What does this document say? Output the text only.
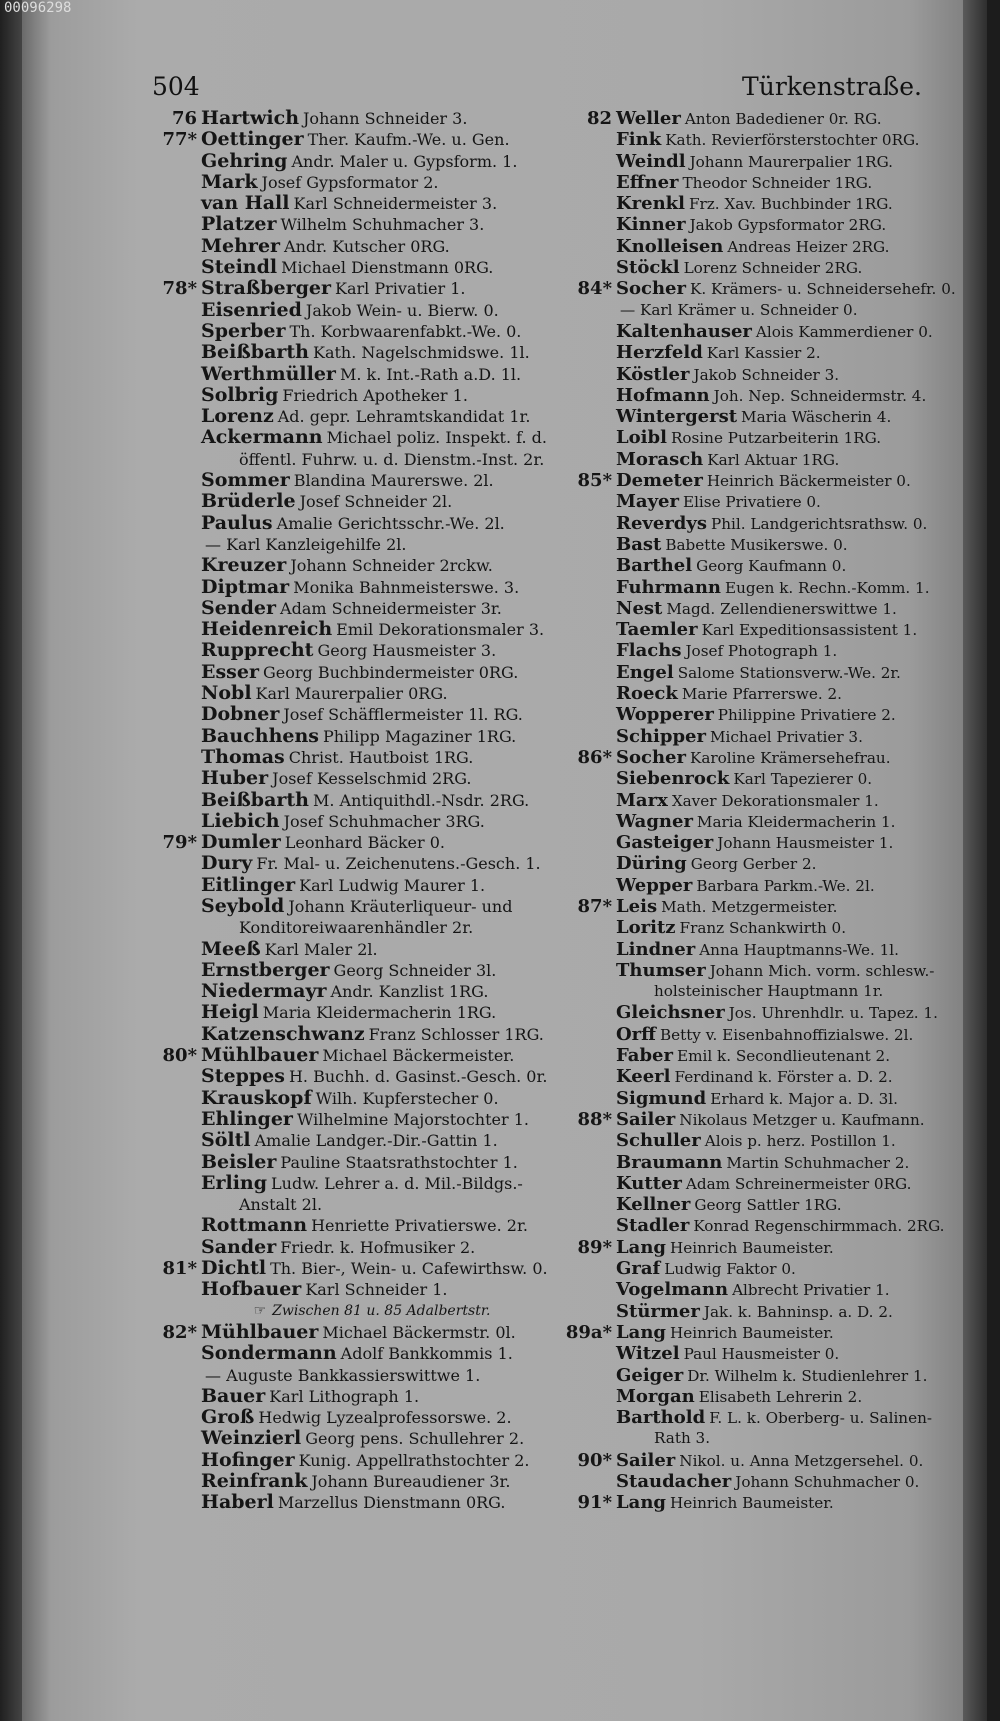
504	Türkenstraße.
76 Hartwich Johann Schneider 3.
77* Oettinger Ther. Kaufm.-We. u. Gen.
Gehring Andr. Maler u. Gypsform. 1.
Mark Josef Gypsformator 2.
van Hall Karl Schneidermeister 3.
Platzer Wilhelm Schuhmacher 3.
Mehrer Andr. Kutscher 0RG.
Steindl Michael Dienstmann 0RG.
78* Straßberger Karl Privatier 1.
Eisenried Jakob Wein- u. Bierw. 0.
Sperber Th. Korbwaarenfabkt.-We. 0.
Beißbarth Kath. Nagelschmidswe. 1l.
Werthmüller M. k. Int.-Rath a.D. 1l.
Solbrig Friedrich Apotheker 1.
Lorenz Ad. gepr. Lehramtskandidat 1r.
Ackermann Michael poliz. Inspekt. f. d.
öffentl. Fuhrw. u. d. Dienstm.-Inst. 2r.
Sommer Blandina Maurerswe. 2l.
Brüderle Josef Schneider 2l.
Paulus Amalie Gerichtsschr.-We. 2l.
— Karl Kanzleigehilfe 2l.
Kreuzer Johann Schneider 2rckw.
Diptmar Monika Bahnmeisterswe. 3.
Sender Adam Schneidermeister 3r.
Heidenreich Emil Dekorationsmaler 3.
Rupprecht Georg Hausmeister 3.
Esser Georg Buchbindermeister 0RG.
Nobl Karl Maurerpalier 0RG.
Dobner Josef Schäfflermeister 1l. RG.
Bauchhens Philipp Magaziner 1RG.
Thomas Christ. Hautboist 1RG.
Huber Josef Kesselschmid 2RG.
Beißbarth M. Antiquithdl.-Nsdr. 2RG.
Liebich Josef Schuhmacher 3RG.
79* Dumler Leonhard Bäcker 0.
Dury Fr. Mal- u. Zeichenutens.-Gesch. 1.
Eitlinger Karl Ludwig Maurer 1.
Seybold Johann Kräuterliqueur- und
Konditoreiwaarenhändler 2r.
Meeß Karl Maler 2l.
Ernstberger Georg Schneider 3l.
Niedermayr Andr. Kanzlist 1RG.
Heigl Maria Kleidermacherin 1RG.
Katzenschwanz Franz Schlosser 1RG.
80* Mühlbauer Michael Bäckermeister.
Steppes H. Buchh. d. Gasinst.-Gesch. 0r.
Krauskopf Wilh. Kupferstecher 0.
Ehlinger Wilhelmine Majorstochter 1.
Söltl Amalie Landger.-Dir.-Gattin 1.
Beisler Pauline Staatsrathstochter 1.
Erling Ludw. Lehrer a. d. Mil.-Bildgs.-
Anstalt 2l.
Rottmann Henriette Privatierswe. 2r.
Sander Friedr. k. Hofmusiker 2.
81* Dichtl Th. Bier-, Wein- u. Cafewirthsw. 0.
Hofbauer Karl Schneider 1.
☞ Zwischen 81 u. 85 Adalbertstr.
82* Mühlbauer Michael Bäckermstr. 0l.
Sondermann Adolf Bankkommis 1.
— Auguste Bankkassierswittwe 1.
Bauer Karl Lithograph 1.
Groß Hedwig Lyzealprofessorswe. 2.
Weinzierl Georg pens. Schullehrer 2.
Hofinger Kunig. Appellrathstochter 2.
Reinfrank Johann Bureaudiener 3r.
Haberl Marzellus Dienstmann 0RG.
82 Weller Anton Badediener 0r. RG.
Fink Kath. Revierförsterstochter 0RG.
Weindl Johann Maurerpalier 1RG.
Effner Theodor Schneider 1RG.
Krenkl Frz. Xav. Buchbinder 1RG.
Kinner Jakob Gypsformator 2RG.
Knolleisen Andreas Heizer 2RG.
Stöckl Lorenz Schneider 2RG.
84* Socher K. Krämers- u. Schneidersehefr. 0.
— Karl Krämer u. Schneider 0.
Kaltenhauser Alois Kammerdiener 0.
Herzfeld Karl Kassier 2.
Köstler Jakob Schneider 3.
Hofmann Joh. Nep. Schneidermstr. 4.
Wintergerst Maria Wäscherin 4.
Loibl Rosine Putzarbeiterin 1RG.
Morasch Karl Aktuar 1RG.
85* Demeter Heinrich Bäckermeister 0.
Mayer Elise Privatiere 0.
Reverdys Phil. Landgerichtsrathsw. 0.
Bast Babette Musikerswe. 0.
Barthel Georg Kaufmann 0.
Fuhrmann Eugen k. Rechn.-Komm. 1.
Nest Magd. Zellendienerswittwe 1.
Taemler Karl Expeditionsassistent 1.
Flachs Josef Photograph 1.
Engel Salome Stationsverw.-We. 2r.
Roeck Marie Pfarrerswe. 2.
Wopperer Philippine Privatiere 2.
Schipper Michael Privatier 3.
86* Socher Karoline Krämersehefrau.
Siebenrock Karl Tapezierer 0.
Marx Xaver Dekorationsmaler 1.
Wagner Maria Kleidermacherin 1.
Gasteiger Johann Hausmeister 1.
Düring Georg Gerber 2.
Wepper Barbara Parkm.-We. 2l.
87* Leis Math. Metzgermeister.
Loritz Franz Schankwirth 0.
Lindner Anna Hauptmanns-We. 1l.
Thumser Johann Mich. vorm. schlesw.-
holsteinischer Hauptmann 1r.
Gleichsner Jos. Uhrenhdlr. u. Tapez. 1.
Orff Betty v. Eisenbahnoffizialswe. 2l.
Faber Emil k. Secondlieutenant 2.
Keerl Ferdinand k. Förster a. D. 2.
Sigmund Erhard k. Major a. D. 3l.
88* Sailer Nikolaus Metzger u. Kaufmann.
Schuller Alois p. herz. Postillon 1.
Braumann Martin Schuhmacher 2.
Kutter Adam Schreinermeister 0RG.
Kellner Georg Sattler 1RG.
Stadler Konrad Regenschirmmach. 2RG.
89* Lang Heinrich Baumeister.
Graf Ludwig Faktor 0.
Vogelmann Albrecht Privatier 1.
Stürmer Jak. k. Bahninsp. a. D. 2.
89a* Lang Heinrich Baumeister.
Witzel Paul Hausmeister 0.
Geiger Dr. Wilhelm k. Studienlehrer 1.
Morgan Elisabeth Lehrerin 2.
Barthold F. L. k. Oberberg- u. Salinen-
Rath 3.
90* Sailer Nikol. u. Anna Metzgersehel. 0.
Staudacher Johann Schuhmacher 0.
91* Lang Heinrich Baumeister.
00096298
